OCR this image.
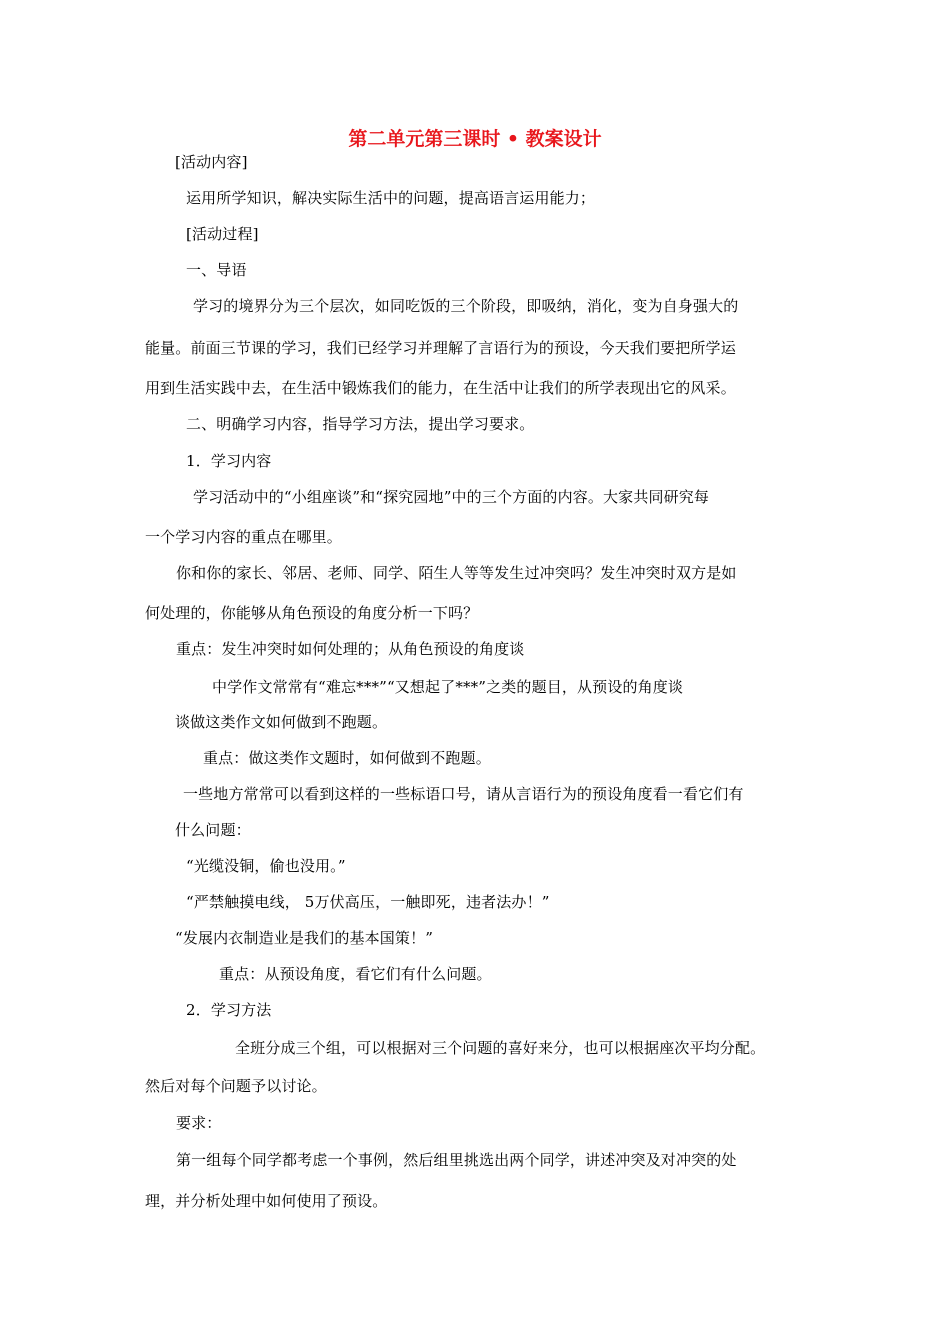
第二单元第三课时 • 教案设计
[活动内容]
运用所学知识，解决实际生活中的问题，提高语言运用能力；
[活动过程]
一、导语
学习的境界分为三个层次，如同吃饭的三个阶段，即吸纳，消化，变为自身强大的
能量。前面三节课的学习，我们已经学习并理解了言语行为的预设，今天我们要把所学运
用到生活实践中去，在生活中锻炼我们的能力，在生活中让我们的所学表现出它的风采。
二、明确学习内容，指导学习方法，提出学习要求。
1．学习内容
学习活动中的“小组座谈”和“探究园地”中的三个方面的内容。大家共同研究每
一个学习内容的重点在哪里。
你和你的家长、邻居、老师、同学、陌生人等等发生过冲突吗？发生冲突时双方是如
何处理的，你能够从角色预设的角度分析一下吗？
重点：发生冲突时如何处理的；从角色预设的角度谈
中学作文常常有“难忘***”“又想起了***”之类的题目，从预设的角度谈
谈做这类作文如何做到不跑题。
重点：做这类作文题时，如何做到不跑题。
一些地方常常可以看到这样的一些标语口号，请从言语行为的预设角度看一看它们有
什么问题：
“光缆没铜，偷也没用。”
“严禁触摸电线， 5万伏高压，一触即死，违者法办！”
“发展内衣制造业是我们的基本国策！”
重点：从预设角度，看它们有什么问题。
2．学习方法
全班分成三个组，可以根据对三个问题的喜好来分，也可以根据座次平均分配。
然后对每个问题予以讨论。
要求：
第一组每个同学都考虑一个事例，然后组里挑选出两个同学，讲述冲突及对冲突的处
理，并分析处理中如何使用了预设。
